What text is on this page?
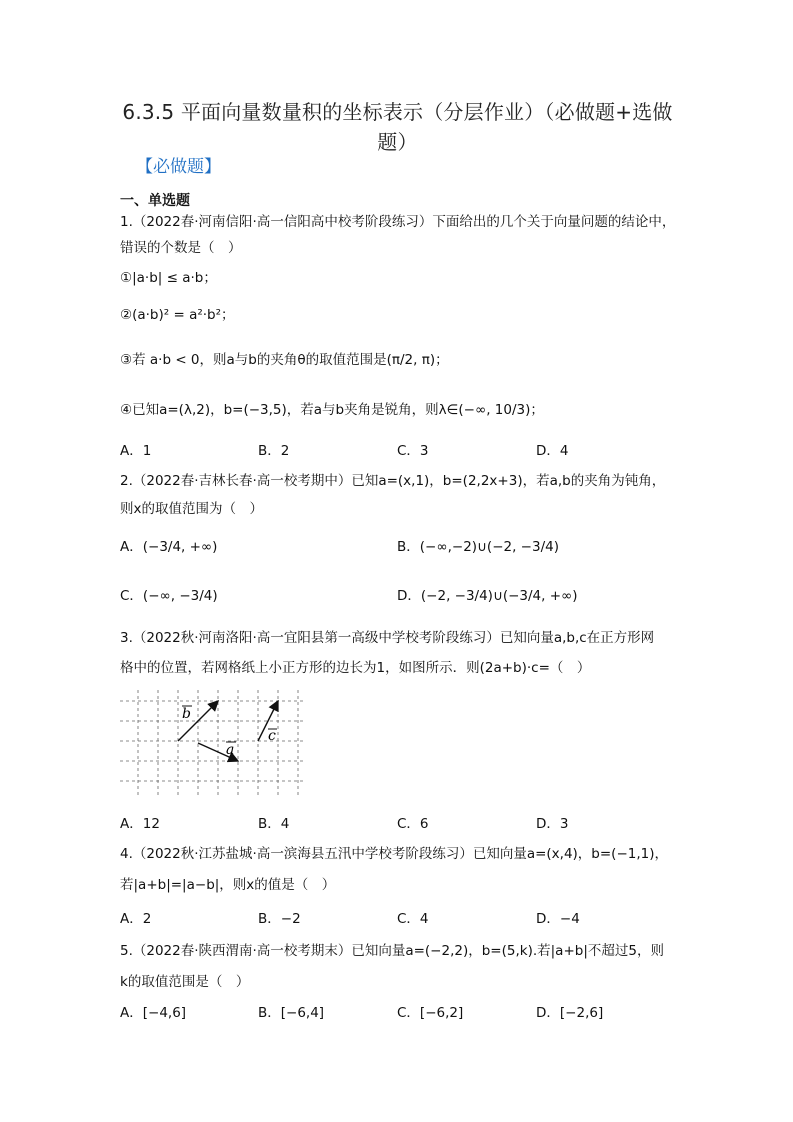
6.3.5 平面向量数量积的坐标表示（分层作业）（必做题+选做题）
【必做题】
一、单选题
1.（2022春·河南信阳·高一信阳高中校考阶段练习）下面给出的几个关于向量问题的结论中，
错误的个数是（　）
①|a·b| ≤ a·b；
②(a·b)² = a²·b²；
③若 a·b < 0，则a与b的夹角θ的取值范围是(π/2, π)；
④已知a=(λ,2)，b=(−3,5)，若a与b夹角是锐角，则λ∈(−∞, 10/3)；
A．1	B．2	C．3	D．4
2.（2022春·吉林长春·高一校考期中）已知a=(x,1)，b=(2,2x+3)，若a,b的夹角为钝角，
则x的取值范围为（　）
A．(−3/4, +∞)	B．(−∞,−2)∪(−2, −3/4)
C．(−∞, −3/4)	D．(−2, −3/4)∪(−3/4, +∞)
3.（2022秋·河南洛阳·高一宜阳县第一高级中学校考阶段练习）已知向量a,b,c在正方形网
格中的位置，若网格纸上小正方形的边长为1，如图所示．则(2a+b)·c=（　）
b
a
c
A．12	B．4	C．6	D．3
4.（2022秋·江苏盐城·高一滨海县五汛中学校考阶段练习）已知向量a=(x,4)，b=(−1,1)，
若|a+b|=|a−b|，则x的值是（　）
A．2	B．−2	C．4	D．−4
5.（2022春·陕西渭南·高一校考期末）已知向量a=(−2,2)，b=(5,k).若|a+b|不超过5，则
k的取值范围是（　）
A．[−4,6]	B．[−6,4]	C．[−6,2]	D．[−2,6]
